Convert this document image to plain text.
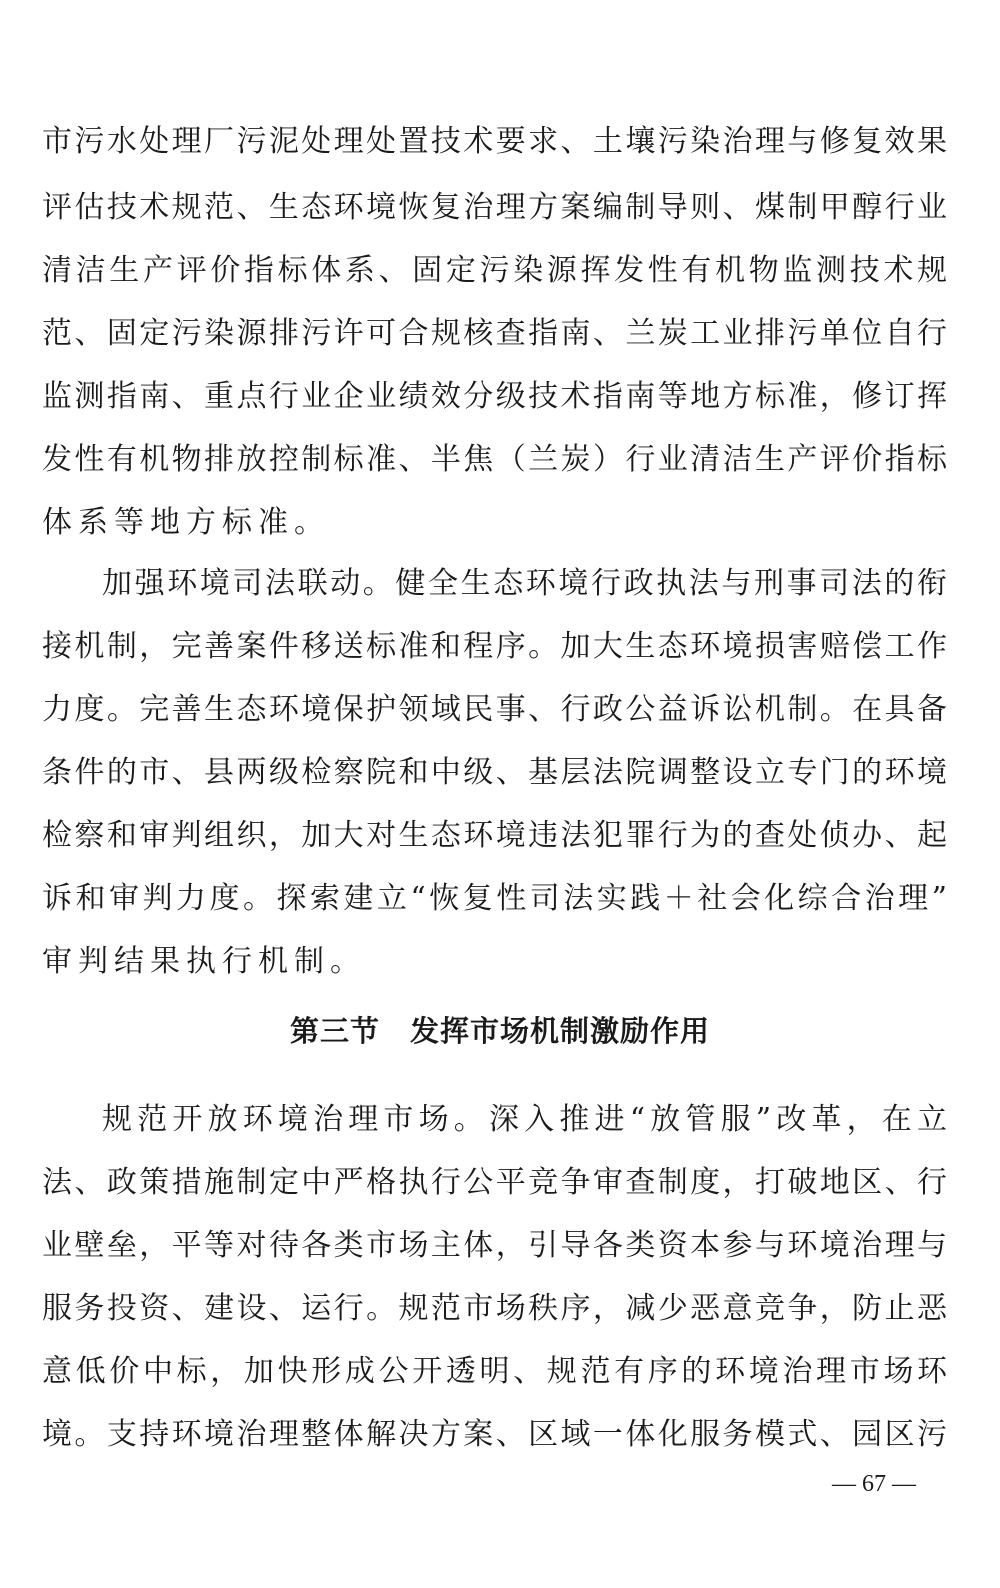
市污水处理厂污泥处理处置技术要求、土壤污染治理与修复效果
评估技术规范、生态环境恢复治理方案编制导则、煤制甲醇行业
清洁生产评价指标体系、固定污染源挥发性有机物监测技术规
范、固定污染源排污许可合规核查指南、兰炭工业排污单位自行
监测指南、重点行业企业绩效分级技术指南等地方标准，修订挥
发性有机物排放控制标准、半焦（兰炭）行业清洁生产评价指标
体系等地方标准。
加强环境司法联动。健全生态环境行政执法与刑事司法的衔
接机制，完善案件移送标准和程序。加大生态环境损害赔偿工作
力度。完善生态环境保护领域民事、行政公益诉讼机制。在具备
条件的市、县两级检察院和中级、基层法院调整设立专门的环境
检察和审判组织，加大对生态环境违法犯罪行为的查处侦办、起
诉和审判力度。探索建立“恢复性司法实践＋社会化综合治理”
审判结果执行机制。
第三节　发挥市场机制激励作用
规范开放环境治理市场。深入推进“放管服”改革，在立
法、政策措施制定中严格执行公平竞争审查制度，打破地区、行
业壁垒，平等对待各类市场主体，引导各类资本参与环境治理与
服务投资、建设、运行。规范市场秩序，减少恶意竞争，防止恶
意低价中标，加快形成公开透明、规范有序的环境治理市场环
境。支持环境治理整体解决方案、区域一体化服务模式、园区污
— 67 —
